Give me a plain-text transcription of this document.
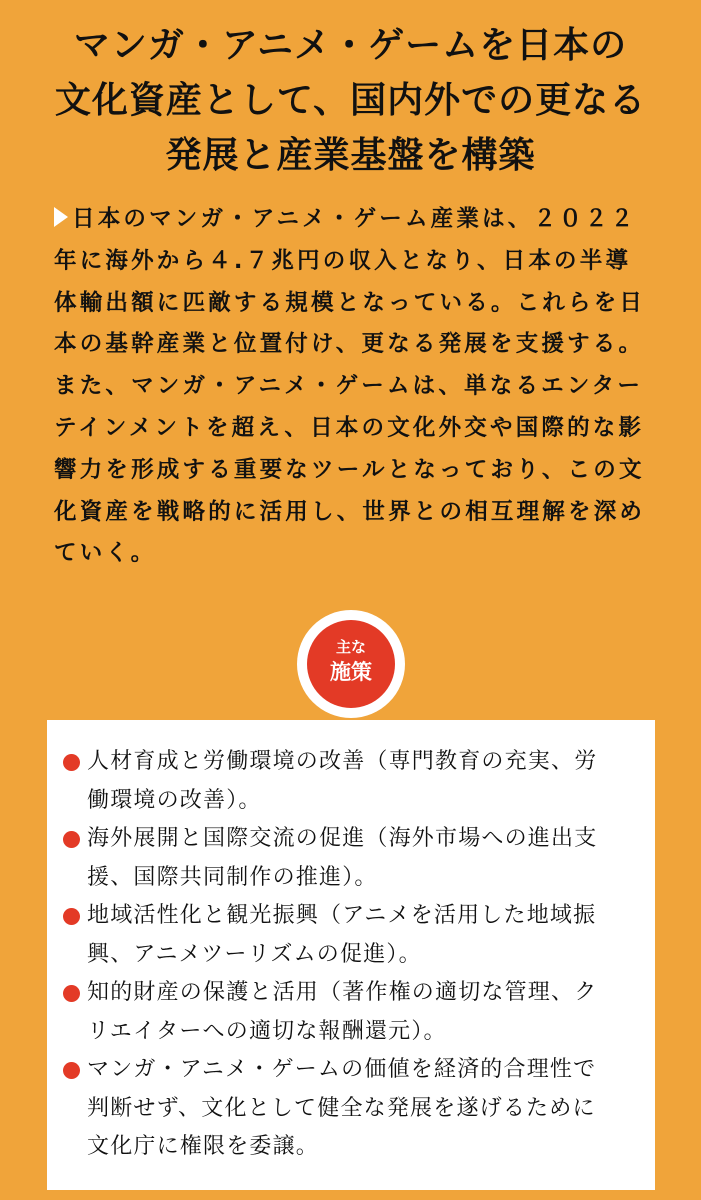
マンガ・アニメ・ゲームを日本の
文化資産として、国内外での更なる
発展と産業基盤を構築
日本のマンガ・アニメ・ゲーム産業は、２０２２
年に海外から４.７兆円の収入となり、日本の半導
体輸出額に匹敵する規模となっている。これらを日
本の基幹産業と位置付け、更なる発展を支援する。
また、マンガ・アニメ・ゲームは、単なるエンター
テインメントを超え、日本の文化外交や国際的な影
響力を形成する重要なツールとなっており、この文
化資産を戦略的に活用し、世界との相互理解を深め
ていく。
主な
施策
人材育成と労働環境の改善（専門教育の充実、労
働環境の改善）。
海外展開と国際交流の促進（海外市場への進出支
援、国際共同制作の推進）。
地域活性化と観光振興（アニメを活用した地域振
興、アニメツーリズムの促進）。
知的財産の保護と活用（著作権の適切な管理、ク
リエイターへの適切な報酬還元）。
マンガ・アニメ・ゲームの価値を経済的合理性で
判断せず、文化として健全な発展を遂げるために
文化庁に権限を委譲。
